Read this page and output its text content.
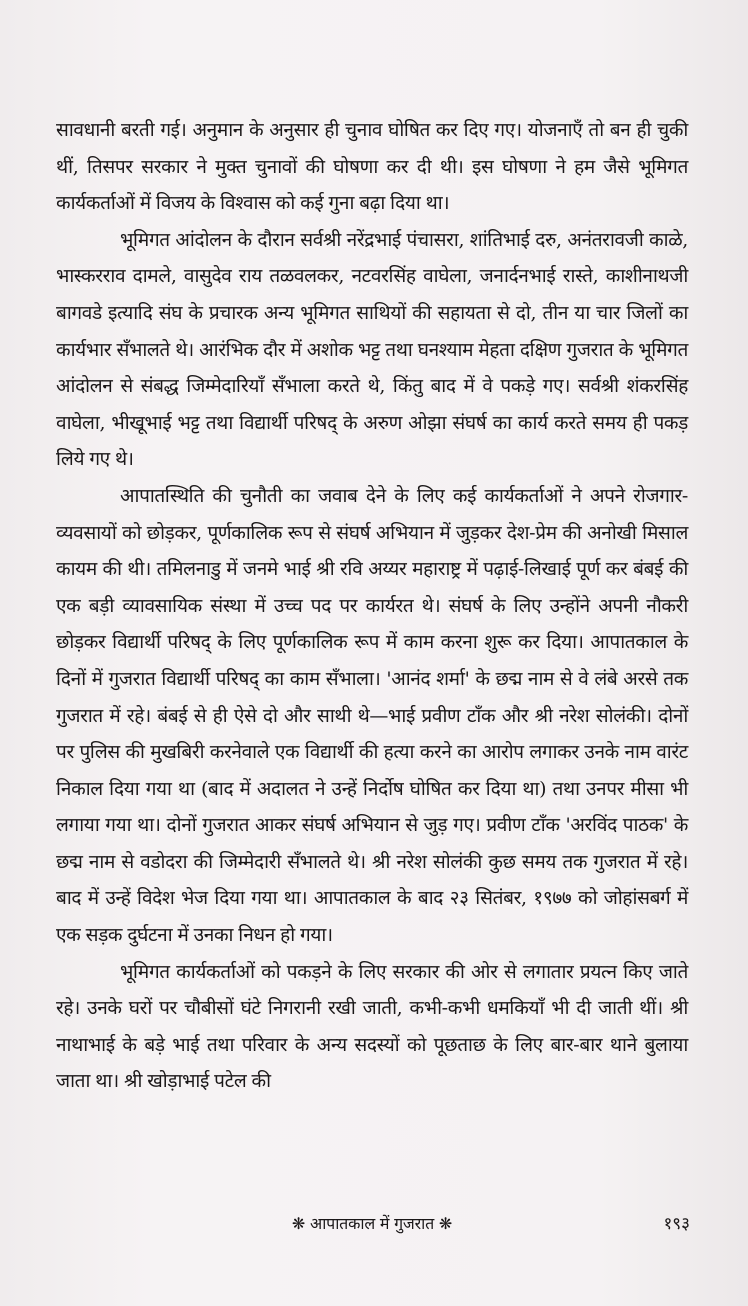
सावधानी बरती गई। अनुमान के अनुसार ही चुनाव घोषित कर दिए गए। योजनाएँ तो बन ही चुकी थीं, तिसपर सरकार ने मुक्त चुनावों की घोषणा कर दी थी। इस घोषणा ने हम जैसे भूमिगत कार्यकर्ताओं में विजय के विश्वास को कई गुना बढ़ा दिया था।

भूमिगत आंदोलन के दौरान सर्वश्री नरेंद्रभाई पंचासरा, शांतिभाई दरु, अनंतरावजी काळे, भास्करराव दामले, वासुदेव राय तळवलकर, नटवरसिंह वाघेला, जनार्दनभाई रास्ते, काशीनाथजी बागवडे इत्यादि संघ के प्रचारक अन्य भूमिगत साथियों की सहायता से दो, तीन या चार जिलों का कार्यभार सँभालते थे। आरंभिक दौर में अशोक भट्ट तथा घनश्याम मेहता दक्षिण गुजरात के भूमिगत आंदोलन से संबद्ध जिम्मेदारियाँ सँभाला करते थे, किंतु बाद में वे पकड़े गए। सर्वश्री शंकरसिंह वाघेला, भीखूभाई भट्ट तथा विद्यार्थी परिषद् के अरुण ओझा संघर्ष का कार्य करते समय ही पकड़ लिये गए थे।

आपातस्थिति की चुनौती का जवाब देने के लिए कई कार्यकर्ताओं ने अपने रोजगार-व्यवसायों को छोड़कर, पूर्णकालिक रूप से संघर्ष अभियान में जुड़कर देश-प्रेम की अनोखी मिसाल कायम की थी। तमिलनाडु में जनमे भाई श्री रवि अय्यर महाराष्ट्र में पढ़ाई-लिखाई पूर्ण कर बंबई की एक बड़ी व्यावसायिक संस्था में उच्च पद पर कार्यरत थे। संघर्ष के लिए उन्होंने अपनी नौकरी छोड़कर विद्यार्थी परिषद् के लिए पूर्णकालिक रूप में काम करना शुरू कर दिया। आपातकाल के दिनों में गुजरात विद्यार्थी परिषद् का काम सँभाला। 'आनंद शर्मा' के छद्म नाम से वे लंबे अरसे तक गुजरात में रहे। बंबई से ही ऐसे दो और साथी थे—भाई प्रवीण टाँक और श्री नरेश सोलंकी। दोनों पर पुलिस की मुखबिरी करनेवाले एक विद्यार्थी की हत्या करने का आरोप लगाकर उनके नाम वारंट निकाल दिया गया था (बाद में अदालत ने उन्हें निर्दोष घोषित कर दिया था) तथा उनपर मीसा भी लगाया गया था। दोनों गुजरात आकर संघर्ष अभियान से जुड़ गए। प्रवीण टाँक 'अरविंद पाठक' के छद्म नाम से वडोदरा की जिम्मेदारी सँभालते थे। श्री नरेश सोलंकी कुछ समय तक गुजरात में रहे। बाद में उन्हें विदेश भेज दिया गया था। आपातकाल के बाद २३ सितंबर, १९७७ को जोहांसबर्ग में एक सड़क दुर्घटना में उनका निधन हो गया।

भूमिगत कार्यकर्ताओं को पकड़ने के लिए सरकार की ओर से लगातार प्रयत्न किए जाते रहे। उनके घरों पर चौबीसों घंटे निगरानी रखी जाती, कभी-कभी धमकियाँ भी दी जाती थीं। श्री नाथाभाई के बड़े भाई तथा परिवार के अन्य सदस्यों को पूछताछ के लिए बार-बार थाने बुलाया जाता था। श्री खोड़ाभाई पटेल की

❋ आपातकाल में गुजरात ❋	१९३
